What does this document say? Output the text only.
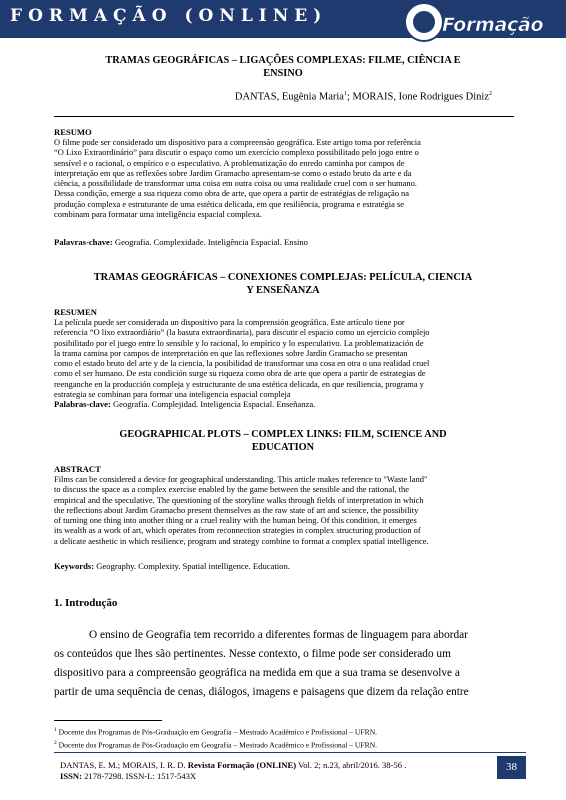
FORMAÇÃO (ONLINE)	Formação
TRAMAS GEOGRÁFICAS – LIGAÇÕES COMPLEXAS: FILME, CIÊNCIA E
ENSINO
DANTAS, Eugênia Maria$^1$; MORAIS, Ione Rodrigues Diniz$^2$
RESUMO
O filme pode ser considerado um dispositivo para a compreensão geográfica. Este artigo toma por referência
“O Lixo Extraordinário” para discutir o espaço como um exercício complexo possibilitado pelo jogo entre o
sensível e o racional, o empírico e o especulativo. A problematização do enredo caminha por campos de
interpretação em que as reflexões sobre Jardim Gramacho apresentam-se como o estado bruto da arte e da
ciência, a possibilidade de transformar uma coisa em outra coisa ou uma realidade cruel com o ser humano.
Dessa condição, emerge a sua riqueza como obra de arte, que opera a partir de estratégias de religação na
produção complexa e estruturante de uma estética delicada, em que resiliência, programa e estratégia se
combinam para formatar uma inteligência espacial complexa.
Palavras-chave: Geografia. Complexidade. Inteligência Espacial. Ensino
TRAMAS GEOGRÁFICAS – CONEXIONES COMPLEJAS: PELÍCULA, CIENCIA
Y ENSEÑANZA
RESUMEN
La película puede ser considerada un dispositivo para la comprensión geográfica. Este artículo tiene por
referencia “O lixo extraordiário” (la basura extraordinaria), para discutir el espacio como un ejercicio complejo
posibilitado por el juego entre lo sensible y lo racional, lo empírico y lo especulativo. La problematización de
la trama camina por campos de interpretación en que las reflexiones sobre Jardín Gramacho se presentan
como el estado bruto del arte y de la ciencia, la posibilidad de transformar una cosa en otra o una realidad cruel
como el ser humano. De esta condición surge su riqueza como obra de arte que opera a partir de estrategias de
reenganche en la producción compleja y estructurante de una estética delicada, en que resiliencia, programa y
estrategia se combinan para formar una inteligencia espacial compleja
Palabras-clave: Geografía. Complejidad. Inteligencia Espacial. Enseñanza.
GEOGRAPHICAL PLOTS – COMPLEX LINKS: FILM, SCIENCE AND
EDUCATION
ABSTRACT
Films can be considered a device for geographical understanding. This article makes reference to "Waste land"
to discuss the space as a complex exercise enabled by the game between the sensible and the rational, the
empirical and the speculative. The questioning of the storyline walks through fields of interpretation in which
the reflections about Jardim Gramacho present themselves as the raw state of art and science, the possibility
of turning one thing into another thing or a cruel reality with the human being. Of this condition, it emerges
its wealth as a work of art, which operates from reconnection strategies in complex structuring production of
a delicate aesthetic in which resilience, program and strategy combine to format a complex spatial intelligence.
Keywords: Geography. Complexity. Spatial intelligence. Education.
1. Introdução
O ensino de Geografia tem recorrido a diferentes formas de linguagem para abordar
os conteúdos que lhes são pertinentes. Nesse contexto, o filme pode ser considerado um
dispositivo para a compreensão geográfica na medida em que a sua trama se desenvolve a
partir de uma sequência de cenas, diálogos, imagens e paisagens que dizem da relação entre
$^1$ Docente dos Programas de Pós-Graduação em Geografia – Mestrado Acadêmico e Profissional – UFRN.
$^2$ Docente dos Programas de Pós-Graduação em Geografia – Mestrado Acadêmico e Profissional – UFRN.
DANTAS, E. M.; MORAIS, I. R. D. Revista Formação (ONLINE) Vol. 2; n.23, abril/2016. 38-56 .
ISSN: 2178-7298. ISSN-L: 1517-543X
38
